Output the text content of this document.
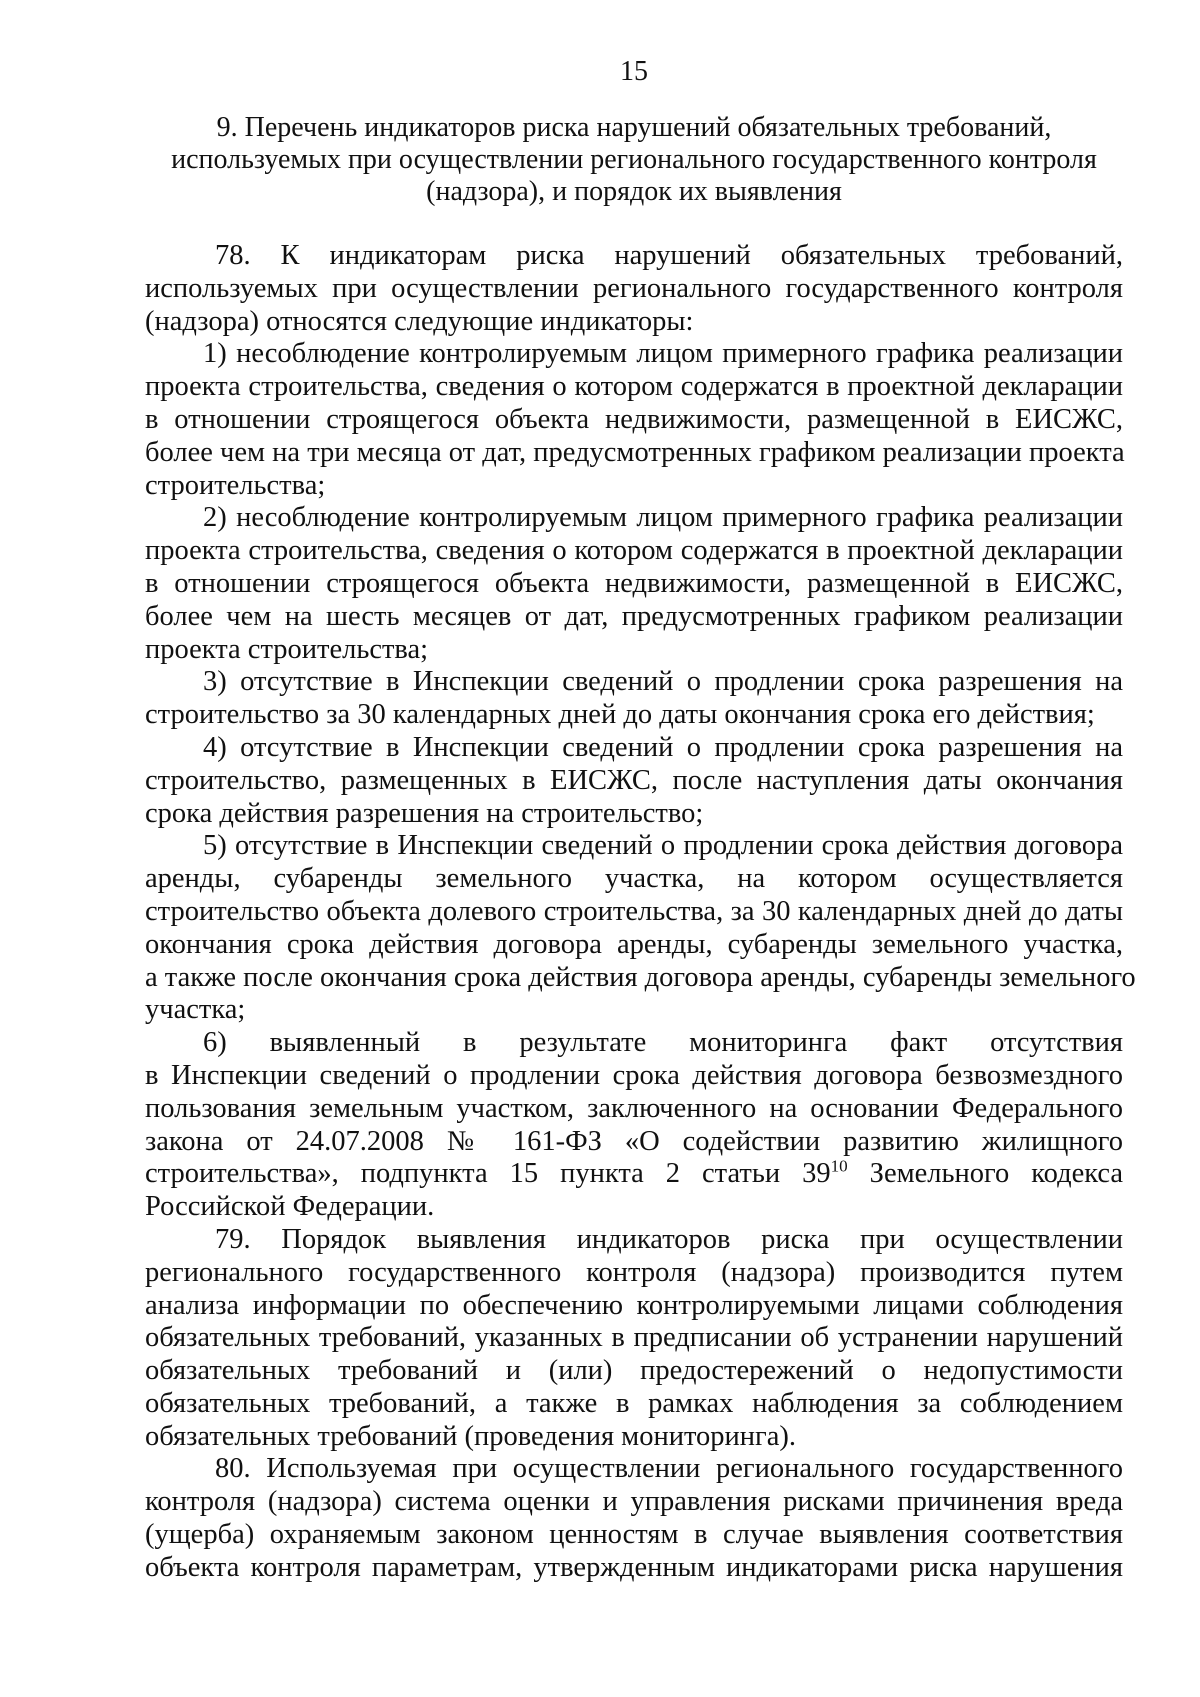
15
9. Перечень индикаторов риска нарушений обязательных требований,
используемых при осуществлении регионального государственного контроля
(надзора), и порядок их выявления
78. К индикаторам риска нарушений обязательных требований,
используемых при осуществлении регионального государственного контроля
(надзора) относятся следующие индикаторы:
1) несоблюдение контролируемым лицом примерного графика реализации
проекта строительства, сведения о котором содержатся в проектной декларации
в отношении строящегося объекта недвижимости, размещенной в ЕИСЖС,
более чем на три месяца от дат, предусмотренных графиком реализации проекта
строительства;
2) несоблюдение контролируемым лицом примерного графика реализации
проекта строительства, сведения о котором содержатся в проектной декларации
в отношении строящегося объекта недвижимости, размещенной в ЕИСЖС,
более чем на шесть месяцев от дат, предусмотренных графиком реализации
проекта строительства;
3) отсутствие в Инспекции сведений о продлении срока разрешения на
строительство за 30 календарных дней до даты окончания срока его действия;
4) отсутствие в Инспекции сведений о продлении срока разрешения на
строительство, размещенных в ЕИСЖС, после наступления даты окончания
срока действия разрешения на строительство;
5) отсутствие в Инспекции сведений о продлении срока действия договора
аренды, субаренды земельного участка, на котором осуществляется
строительство объекта долевого строительства, за 30 календарных дней до даты
окончания срока действия договора аренды, субаренды земельного участка,
а также после окончания срока действия договора аренды, субаренды земельного
участка;
6) выявленный в результате мониторинга факт отсутствия
в Инспекции сведений о продлении срока действия договора безвозмездного
пользования земельным участком, заключенного на основании Федерального
закона от 24.07.2008 № 161-ФЗ «О содействии развитию жилищного
строительства», подпункта 15 пункта 2 статьи $39^{10}$ Земельного кодекса
Российской Федерации.
79. Порядок выявления индикаторов риска при осуществлении
регионального государственного контроля (надзора) производится путем
анализа информации по обеспечению контролируемыми лицами соблюдения
обязательных требований, указанных в предписании об устранении нарушений
обязательных требований и (или) предостережений о недопустимости
обязательных требований, а также в рамках наблюдения за соблюдением
обязательных требований (проведения мониторинга).
80. Используемая при осуществлении регионального государственного
контроля (надзора) система оценки и управления рисками причинения вреда
(ущерба) охраняемым законом ценностям в случае выявления соответствия
объекта контроля параметрам, утвержденным индикаторами риска нарушения
